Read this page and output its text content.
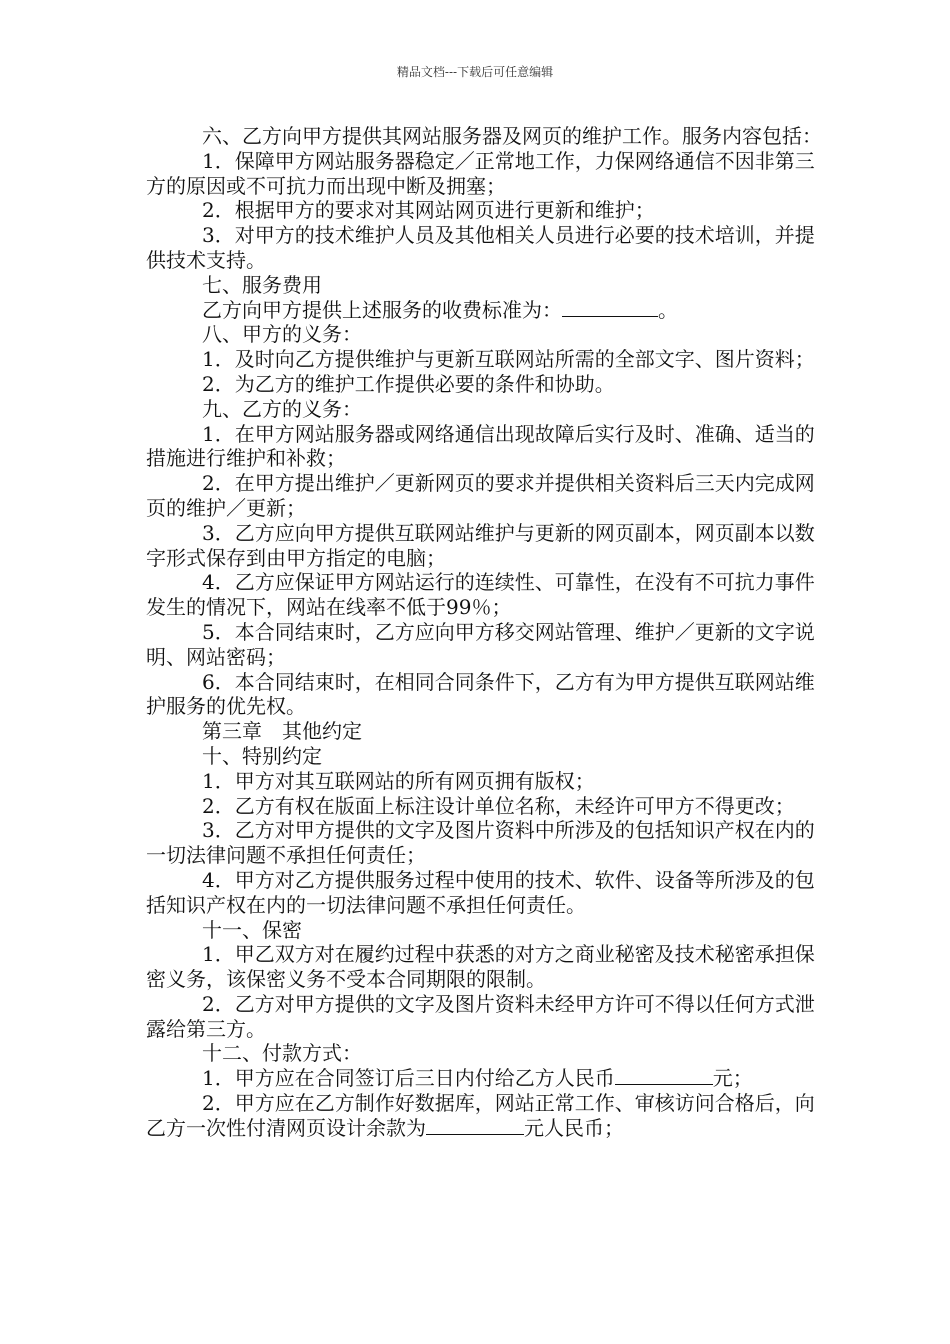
精品文档---下载后可任意编辑

六、乙方向甲方提供其网站服务器及网页的维护工作。服务内容包括：

1．保障甲方网站服务器稳定／正常地工作，力保网络通信不因非第三方的原因或不可抗力而出现中断及拥塞；

2．根据甲方的要求对其网站网页进行更新和维护；

3．对甲方的技术维护人员及其他相关人员进行必要的技术培训，并提供技术支持。

七、服务费用

乙方向甲方提供上述服务的收费标准为：	。

八、甲方的义务：

1．及时向乙方提供维护与更新互联网站所需的全部文字、图片资料；

2．为乙方的维护工作提供必要的条件和协助。

九、乙方的义务：

1．在甲方网站服务器或网络通信出现故障后实行及时、准确、适当的措施进行维护和补救；

2．在甲方提出维护／更新网页的要求并提供相关资料后三天内完成网页的维护／更新；

3．乙方应向甲方提供互联网站维护与更新的网页副本，网页副本以数字形式保存到由甲方指定的电脑；

4．乙方应保证甲方网站运行的连续性、可靠性，在没有不可抗力事件发生的情况下，网站在线率不低于99％；

5．本合同结束时，乙方应向甲方移交网站管理、维护／更新的文字说明、网站密码；

6．本合同结束时，在相同合同条件下，乙方有为甲方提供互联网站维护服务的优先权。

第三章　其他约定

十、特别约定

1．甲方对其互联网站的所有网页拥有版权；

2．乙方有权在版面上标注设计单位名称，未经许可甲方不得更改；

3．乙方对甲方提供的文字及图片资料中所涉及的包括知识产权在内的一切法律问题不承担任何责任；

4．甲方对乙方提供服务过程中使用的技术、软件、设备等所涉及的包括知识产权在内的一切法律问题不承担任何责任。

十一、保密

1．甲乙双方对在履约过程中获悉的对方之商业秘密及技术秘密承担保密义务，该保密义务不受本合同期限的限制。

2．乙方对甲方提供的文字及图片资料未经甲方许可不得以任何方式泄露给第三方。

十二、付款方式：

1．甲方应在合同签订后三日内付给乙方人民币	元；

2．甲方应在乙方制作好数据库，网站正常工作、审核访问合格后，向乙方一次性付清网页设计余款为	元人民币；
